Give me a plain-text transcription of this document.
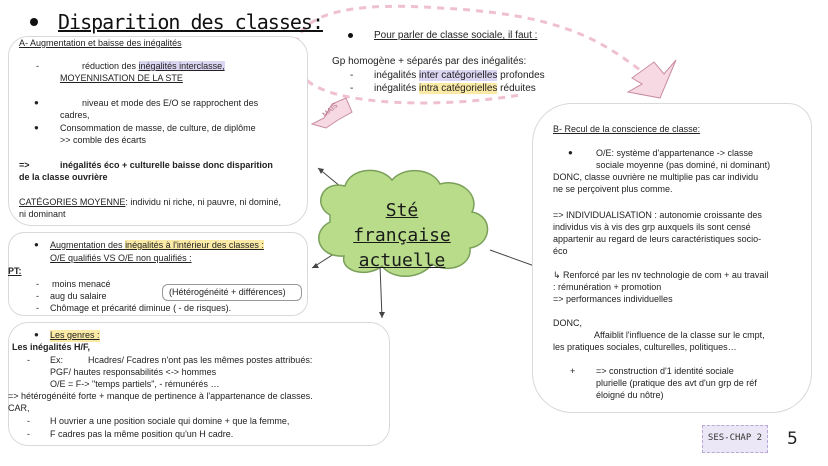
Disparition des classes:
A- Augmentation et baisse des inégalités
-	réduction des inégalités interclasse,
MOYENNISATION DE LA STE
●	niveau et mode des E/O se rapprochent des
cadres,
● Consommation de masse, de culture, de diplôme
>> comble des écarts
=>	inégalités éco + culturelle baisse donc disparition
de la classe ouvrière
CATÉGORIES MOYENNE: individu ni riche, ni pauvre, ni dominé,
ni dominant
Pour parler de classe sociale, il faut :
Gp homogène + séparés par des inégalités:
- inégalités inter catégorielles profondes
- inégalités intra catégorielles réduites
MAIS
Sté française
actuelle
● Augmentation des inégalités à l'intérieur des classes :
O/E qualifiés VS O/E non qualifiés :
PT:
- moins menacé
- aug du salaire
- Chômage et précarité diminue ( - de risques).
(Hétérogénéité + différences)
● Les genres :
Les inégalités H/F,
- Ex:	Hcadres/ Fcadres n'ont pas les mêmes postes attribués:
PGF/ hautes responsabilités <-> hommes
O/E = F-> "temps partiels", - rémunérés …
=> hétérogénéité forte + manque de pertinence à l'appartenance de classes.
CAR,
- H ouvrier a une position sociale qui domine + que la femme,
- F cadres pas la même position qu'un H cadre.
B- Recul de la conscience de classe:
●	O/E: système d'appartenance -> classe
sociale moyenne (pas dominé, ni dominant)
DONC, classe ouvrière ne multiplie pas car individu
ne se perçoivent plus comme.
=> INDIVIDUALISATION : autonomie croissante des
individus vis à vis des grp auxquels ils sont censé
appartenir au regard de leurs caractéristiques socio-
éco
↳ Renforcé par les nv technologie de com + au travail
: rémunération + promotion
=> performances individuelles
DONC,
Affaiblit l'influence de la classe sur le cmpt,
les pratiques sociales, culturelles, politiques…
+ => construction d'1 identité sociale
plurielle (pratique des avt d'un grp de réf
éloigné du nôtre)
SES-CHAP 2	5
